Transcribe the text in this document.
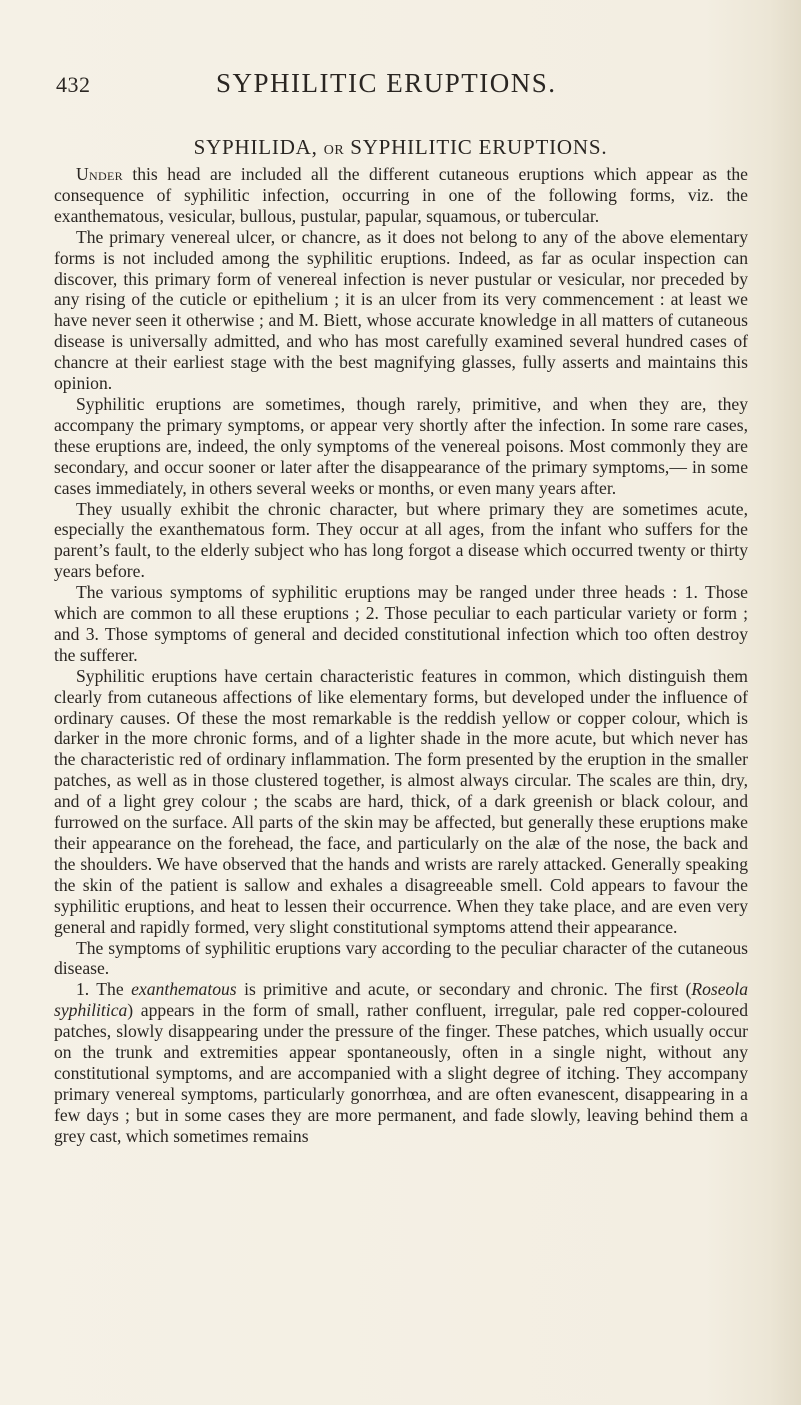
432	SYPHILITIC ERUPTIONS.
SYPHILIDA, OR SYPHILITIC ERUPTIONS.

Under this head are included all the different cutaneous eruptions which appear as the consequence of syphilitic infection, occurring in one of the following forms, viz. the exanthematous, vesicular, bullous, pustular, papular, squamous, or tubercular.

The primary venereal ulcer, or chancre, as it does not belong to any of the above elementary forms is not included among the syphilitic eruptions. Indeed, as far as ocular inspection can discover, this primary form of venereal infection is never pustular or vesicular, nor preceded by any rising of the cuticle or epithelium ; it is an ulcer from its very commencement : at least we have never seen it otherwise ; and M. Biett, whose accurate knowledge in all matters of cutaneous disease is universally admitted, and who has most carefully examined several hundred cases of chancre at their earliest stage with the best magnifying glasses, fully asserts and maintains this opinion.

Syphilitic eruptions are sometimes, though rarely, primitive, and when they are, they accompany the primary symptoms, or appear very shortly after the infection. In some rare cases, these eruptions are, indeed, the only symptoms of the venereal poisons. Most commonly they are secondary, and occur sooner or later after the disappearance of the primary symptoms,— in some cases immediately, in others several weeks or months, or even many years after.

They usually exhibit the chronic character, but where primary they are sometimes acute, especially the exanthematous form. They occur at all ages, from the infant who suffers for the parent’s fault, to the elderly subject who has long forgot a disease which occurred twenty or thirty years before.

The various symptoms of syphilitic eruptions may be ranged under three heads : 1. Those which are common to all these eruptions ; 2. Those peculiar to each particular variety or form ; and 3. Those symptoms of general and decided constitutional infection which too often destroy the sufferer.

Syphilitic eruptions have certain characteristic features in common, which distinguish them clearly from cutaneous affections of like elementary forms, but developed under the influence of ordinary causes. Of these the most remarkable is the reddish yellow or copper colour, which is darker in the more chronic forms, and of a lighter shade in the more acute, but which never has the characteristic red of ordinary inflammation. The form presented by the eruption in the smaller patches, as well as in those clustered together, is almost always circular. The scales are thin, dry, and of a light grey colour ; the scabs are hard, thick, of a dark greenish or black colour, and furrowed on the surface. All parts of the skin may be affected, but generally these eruptions make their appearance on the forehead, the face, and particularly on the alæ of the nose, the back and the shoulders. We have observed that the hands and wrists are rarely attacked. Generally speaking the skin of the patient is sallow and exhales a disagreeable smell. Cold appears to favour the syphilitic eruptions, and heat to lessen their occurrence. When they take place, and are even very general and rapidly formed, very slight constitutional symptoms attend their appearance.

The symptoms of syphilitic eruptions vary according to the peculiar character of the cutaneous disease.

1. The exanthematous is primitive and acute, or secondary and chronic. The first (Roseola syphilitica) appears in the form of small, rather confluent, irregular, pale red copper-coloured patches, slowly disappearing under the pressure of the finger. These patches, which usually occur on the trunk and extremities appear spontaneously, often in a single night, without any constitutional symptoms, and are accompanied with a slight degree of itching. They accompany primary venereal symptoms, particularly gonorrhœa, and are often evanescent, disappearing in a few days ; but in some cases they are more permanent, and fade slowly, leaving behind them a grey cast, which sometimes remains
